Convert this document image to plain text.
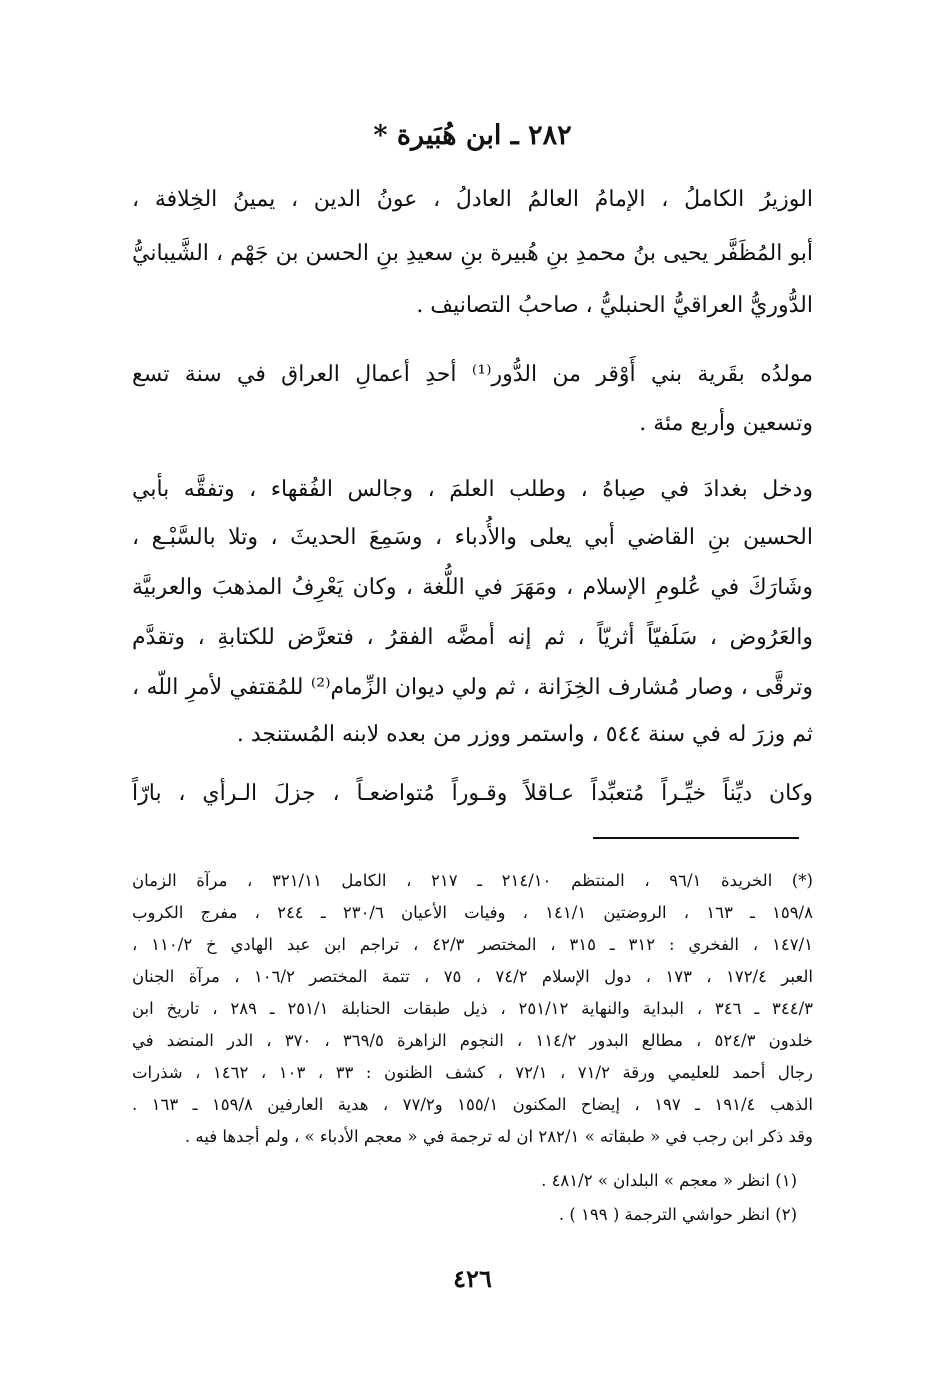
٢٨٢ ـ ابن هُبَيرة *
الوزيرُ الكاملُ ، الإمامُ العالمُ العادلُ ، عونُ الدين ، يمينُ الخِلافة ،
أبو المُظَفَّر يحيى بنُ محمدِ بنِ هُبيرة بنِ سعيدِ بنِ الحسن بن جَهْم ، الشَّيبانيُّ
الدُّوريُّ العراقيُّ الحنبليُّ ، صاحبُ التصانيف .
مولدُه بقَرية بني أَوْقر من الدُّور⁽¹⁾ أحدِ أعمالِ العراق في سنة تسع
وتسعين وأربع مئة .
ودخل بغدادَ في صِباهُ ، وطلب العلمَ ، وجالس الفُقهاء ، وتفقَّه بأبي
الحسين بنِ القاضي أبي يعلى والأُدباء ، وسَمِعَ الحديثَ ، وتلا بالسَّبْـع ،
وشَارَكَ في عُلومِ الإسلام ، ومَهَرَ في اللُّغة ، وكان يَعْرِفُ المذهبَ والعربيَّة
والعَرُوض ، سَلَفيّاً أثريّاً ، ثم إنه أمضَّه الفقرُ ، فتعرَّض للكتابةِ ، وتقدَّم
وترقَّى ، وصار مُشارف الخِزَانة ، ثم ولي ديوان الزِّمام⁽²⁾ للمُقتفي لأمرِ اللّه ،
ثم وزرَ له في سنة ٥٤٤ ، واستمر ووزر من بعده لابنه المُستنجد .
وكان ديِّناً خيِّـراً مُتعبِّداً عـاقلاً وقـوراً مُتواضعـاً ، جزلَ الـرأي ، بارّاً
(*) الخريدة ٩٦/١ ، المنتظم ٢١٤/١٠ ـ ٢١٧ ، الكامل ٣٢١/١١ ، مرآة الزمان
١٥٩/٨ ـ ١٦٣ ، الروضتين ١٤١/١ ، وفيات الأعيان ٢٣٠/٦ ـ ٢٤٤ ، مفرج الكروب
١٤٧/١ ، الفخري : ٣١٢ ـ ٣١٥ ، المختصر ٤٢/٣ ، تراجم ابن عبد الهادي خ ١١٠/٢ ،
العبر ١٧٢/٤ ، ١٧٣ ، دول الإسلام ٧٤/٢ ، ٧٥ ، تتمة المختصر ١٠٦/٢ ، مرآة الجنان
٣٤٤/٣ ـ ٣٤٦ ، البداية والنهاية ٢٥١/١٢ ، ذيل طبقات الحنابلة ٢٥١/١ ـ ٢٨٩ ، تاريخ ابن
خلدون ٥٢٤/٣ ، مطالع البدور ١١٤/٢ ، النجوم الزاهرة ٣٦٩/٥ ، ٣٧٠ ، الدر المنضد في
رجال أحمد للعليمي ورقة ٧١/٢ ، ٧٢/١ ، كشف الظنون : ٣٣ ، ١٠٣ ، ١٤٦٢ ، شذرات
الذهب ١٩١/٤ ـ ١٩٧ ، إيضاح المكنون ١٥٥/١ و٧٧/٢ ، هدية العارفين ١٥٩/٨ ـ ١٦٣ .
وقد ذكر ابن رجب في « طبقاته » ٢٨٢/١ ان له ترجمة في « معجم الأدباء » ، ولم أجدها فيه .
(١) انظر « معجم » البلدان » ٤٨١/٢ .
(٢) انظر حواشي الترجمة ( ١٩٩ ) .
٤٢٦
